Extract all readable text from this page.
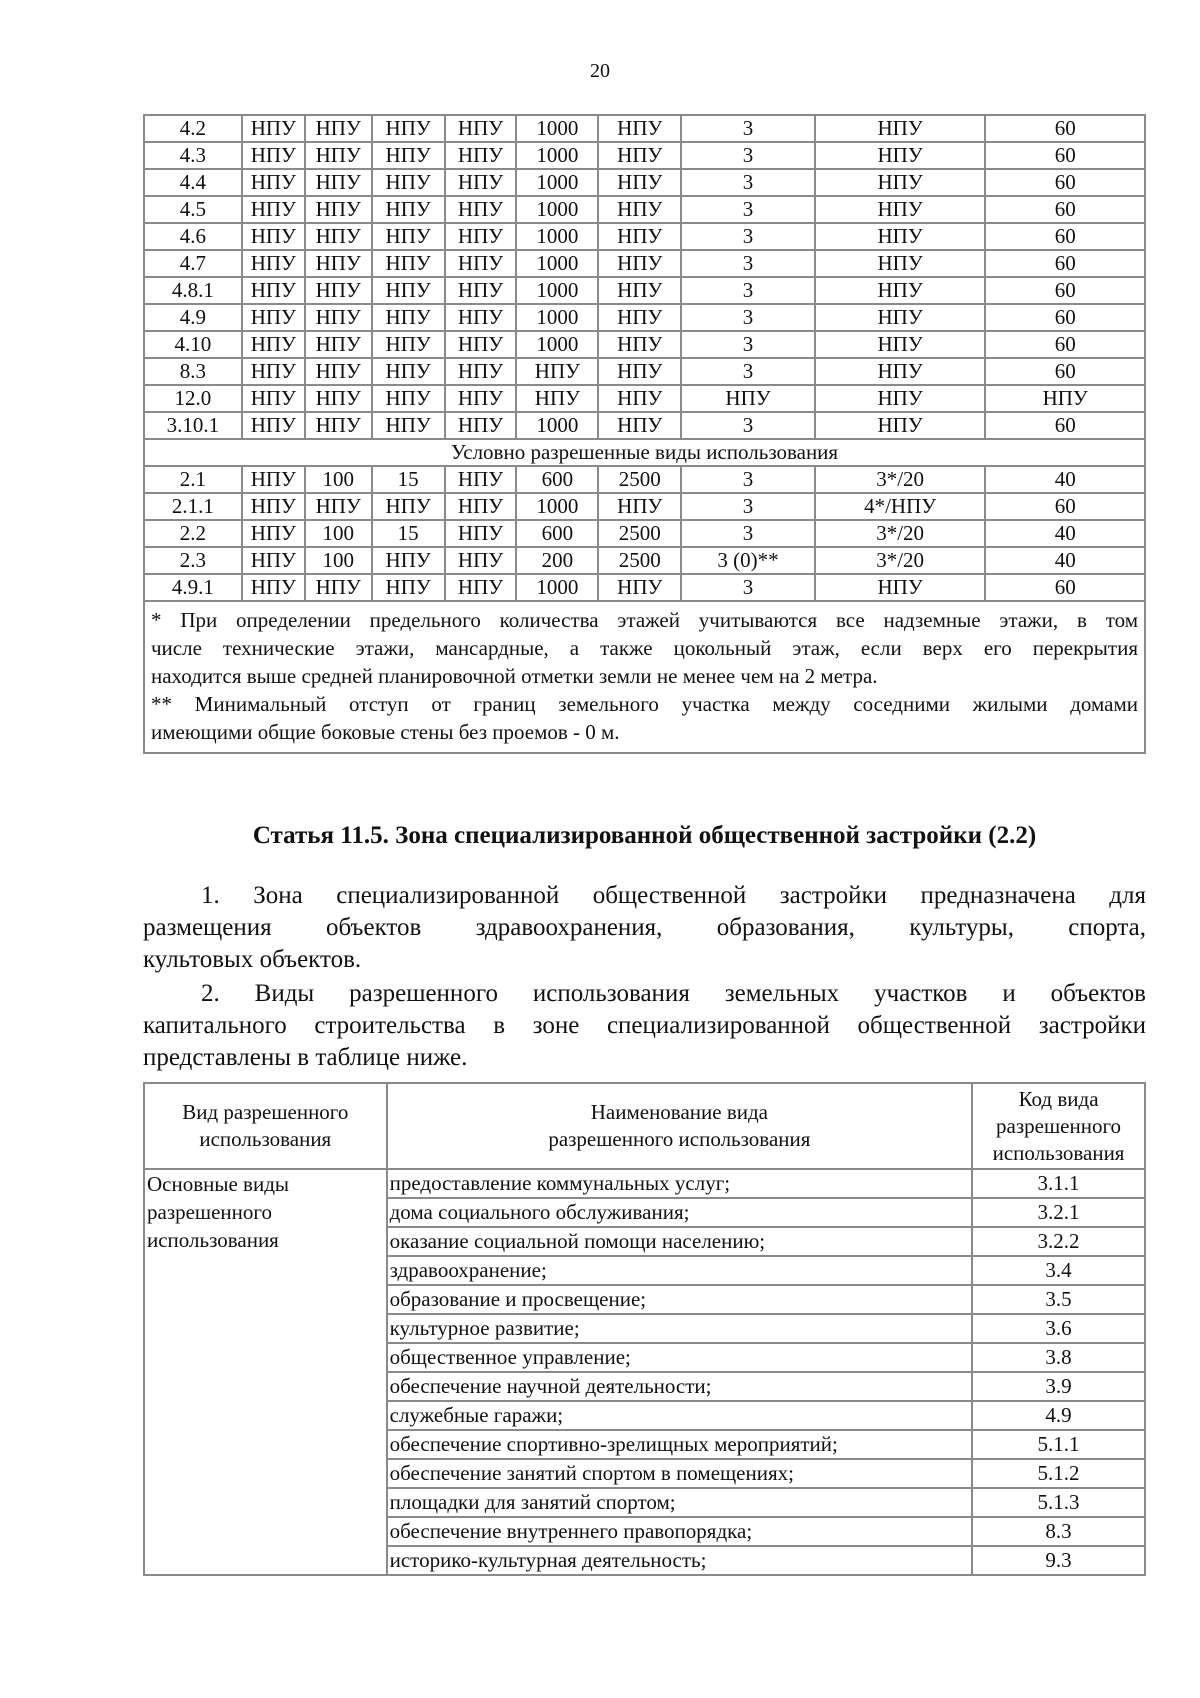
20
4.2	НПУ	НПУ	НПУ	НПУ	1000	НПУ	3	НПУ	60
4.3	НПУ	НПУ	НПУ	НПУ	1000	НПУ	3	НПУ	60
4.4	НПУ	НПУ	НПУ	НПУ	1000	НПУ	3	НПУ	60
4.5	НПУ	НПУ	НПУ	НПУ	1000	НПУ	3	НПУ	60
4.6	НПУ	НПУ	НПУ	НПУ	1000	НПУ	3	НПУ	60
4.7	НПУ	НПУ	НПУ	НПУ	1000	НПУ	3	НПУ	60
4.8.1	НПУ	НПУ	НПУ	НПУ	1000	НПУ	3	НПУ	60
4.9	НПУ	НПУ	НПУ	НПУ	1000	НПУ	3	НПУ	60
4.10	НПУ	НПУ	НПУ	НПУ	1000	НПУ	3	НПУ	60
8.3	НПУ	НПУ	НПУ	НПУ	НПУ	НПУ	3	НПУ	60
12.0	НПУ	НПУ	НПУ	НПУ	НПУ	НПУ	НПУ	НПУ	НПУ
3.10.1	НПУ	НПУ	НПУ	НПУ	1000	НПУ	3	НПУ	60
Условно разрешенные виды использования									
2.1	НПУ	100	15	НПУ	600	2500	3	3*/20	40
2.1.1	НПУ	НПУ	НПУ	НПУ	1000	НПУ	3	4*/НПУ	60
2.2	НПУ	100	15	НПУ	600	2500	3	3*/20	40
2.3	НПУ	100	НПУ	НПУ	200	2500	3 (0)**	3*/20	40
4.9.1	НПУ	НПУ	НПУ	НПУ	1000	НПУ	3	НПУ	60

* При определении предельного количества этажей учитываются все надземные этажи, в том
числе технические этажи, мансардные, а также цокольный этаж, если верх его перекрытия
находится выше средней планировочной отметки земли не менее чем на 2 метра.
** Минимальный отступ от границ земельного участка между соседними жилыми домами
имеющими общие боковые стены без проемов - 0 м.									
Статья 11.5. Зона специализированной общественной застройки (2.2)
1. Зона специализированной общественной застройки предназначена для
размещения объектов здравоохранения, образования, культуры, спорта,
культовых объектов.
2. Виды разрешенного использования земельных участков и объектов
капитального строительства в зоне специализированной общественной застройки
представлены в таблице ниже.
Вид разрешенного
использования

Наименование вида
разрешенного использования

Код вида
разрешенного
использования

Основные виды
разрешенного
использования	предоставление коммунальных услуг;	3.1.1
	дома социального обслуживания;	3.2.1
	оказание социальной помощи населению;	3.2.2
	здравоохранение;	3.4
	образование и просвещение;	3.5
	культурное развитие;	3.6
	общественное управление;	3.8
	обеспечение научной деятельности;	3.9
	служебные гаражи;	4.9
	обеспечение спортивно-зрелищных мероприятий;	5.1.1
	обеспечение занятий спортом в помещениях;	5.1.2
	площадки для занятий спортом;	5.1.3
	обеспечение внутреннего правопорядка;	8.3
	историко-культурная деятельность;	9.3
